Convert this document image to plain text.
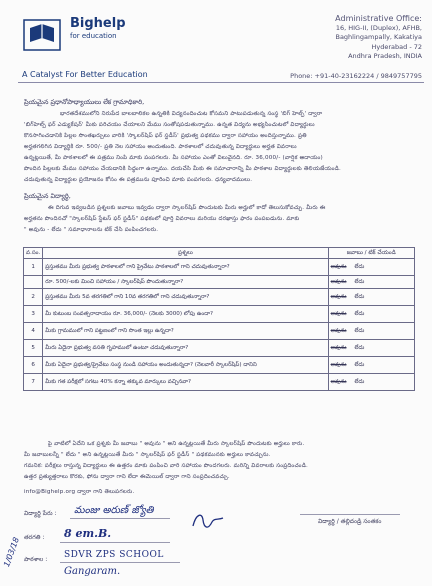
Bighelp
for education
A Catalyst For Better Education
Administrative Office:
16, HIG-II, (Duplex), AFHB,
Baghlingampally, Kakatiya
Hyderabad - 72
Andhra Pradesh, INDIA
Phone: +91-40-23162224 / 9849757795
ప్రియమైన ప్రధానోపాధ్యాయులు లేక గ్రామాధికారి,
భారతదేశములోని నిరుపేద బాలబాలికల ఉన్నతికి విద్యనందించుట కోసమని పాటుపడుతున్న సంస్థ 'బిగ్ హెల్ప్' ద్వారా
'బిగ్‌హెల్ప్ ఫర్ ఎడ్యుకేషన్' మీకు పరిచయం చేయాలని మేము సంతోషపడుతున్నాము. ఉన్నత విద్యను అభ్యసించుటలో విద్యార్థులు
కొనసాగించడానికి పిల్లల సొంతఖర్చులు వారికి 'స్కాలర్‌షిప్ ఫర్ స్టడీస్' ప్రభుత్వ పథకము ద్వారా సహాయం అందిస్తున్నాము. ప్రతి
అర్హతగలిగిన విద్యార్థికి రూ. 500/- ప్రతి నెల సహాయం అందుతుంది. పాఠశాలలో చదువుతున్న విద్యార్థులు అర్హత వివరాలు
ఉన్నట్లయితే, మీ పాఠశాలలో ఈ పత్రము నింపి మాకు పంపగలరు. మీ సహాయం ఎంతో విలువైనది. రూ. 36,000/- (వార్షిక ఆదాయం)
పొందిన పిల్లలకు మేము సహాయం చేయడానికి సిద్ధంగా ఉన్నాము. దయచేసి మీకు ఈ సమాచారాన్ని మీ పాఠశాల విద్యార్థులకు తెలియజేయండి.
చదువుతున్న విద్యార్థుల ప్రయోజనం కోసం ఈ పత్రమును పూరించి మాకు పంపగలరు. ధన్యవాదములు.
ప్రియమైన విద్యార్థి,
ఈ దిగువ ఇవ్వబడిన ప్రశ్నలకు జవాబు ఇవ్వడం ద్వారా స్కాలర్‌షిప్ పొందుటకు మీరు అర్హులో కాదో తెలుసుకోవచ్చు. మీరు ఈ
అర్హతను పొందినచో "స్కాలర్‌షిప్ స్టేటస్ ఫర్ స్టడీస్" పథకంలో పూర్తి వివరాలు మరియు దరఖాస్తు ఫారం పంపబడును. మాకు
" అవును - లేదు " సమాధానాలను టిక్ చేసి పంపించగలరు.
వ.సం.	ప్రశ్నలు	జవాబు / టిక్ చేయండి
1	ప్రస్తుతము మీరు ప్రభుత్వ పాఠశాలలో గాని ప్రైవేటు పాఠశాలలో గాని చదువుతున్నారా?	అవును లేదు
	రూ. 500/-లకు మించి సహాయం / స్కాలర్‌షిప్ పొందుతున్నారా?	అవును లేదు
2	ప్రస్తుతము మీరు 5వ తరగతిలో గాని 10వ తరగతిలో గాని చదువుతున్నారా?	అవును లేదు
3	మీ కుటుంబ సంవత్సరాదాయం రూ. 36,000/- (నెలకు 3000) లోపు ఉందా?	అవును లేదు
4	మీకు గ్రామములో గాని పట్టణంలో గాని సొంత ఇల్లు ఉన్నదా?	అవును లేదు
5	మీరు ఏదైనా ప్రభుత్వ వసతి గృహములో ఉంటూ చదువుతున్నారా?	అవును లేదు
6	మీకు ఏదైనా ప్రభుత్వ/ప్రైవేటు సంస్థ నుండి సహాయం అందుతున్నదా? (నెలవారీ స్కాలర్‌షిప్) దానిని	అవును లేదు
7	మీకు గత పరీక్షలో సగటు 40% కన్నా తక్కువ మార్కులు వచ్చినవా?	అవును లేదు
పై వాటిలో ఏదేని ఒక ప్రశ్నకు మీ జవాబు " అవును " అని ఉన్నట్లయితే మీరు స్కాలర్‌షిప్ పొందుటకు అర్హులు కారు.
మీ జవాబులన్నీ " లేదు " అని ఉన్నట్లయితే మీరు " స్కాలర్‌షిప్ ఫర్ స్టడీస్ " పథకమునకు అర్హులు కావచ్చును.
గమనిక: పరీక్షలు రాస్తున్న విద్యార్థులు ఈ ఉత్తరం మాకు పంపించి వారి సహాయం పొందగలరు. మరిన్ని వివరాలకు సంప్రదించండి.
ఉత్తర ప్రత్యుత్తరాలు కొరకు, ఫోను ద్వారా గాని లేదా ఈమెయిల్ ద్వారా గాని సంప్రదించవచ్చు.
info@Bighelp.org ద్వారా గాని తెలుపగలరు.
విద్యార్థి పేరు : మంజు అరుణ్ జ్యోతి
తరగతి : 8 em.B.
పాఠశాల : SDVR ZPS SCHOOL
Gangaram.
విద్యార్థి / తల్లిదండ్రి సంతకం
1/03/18
